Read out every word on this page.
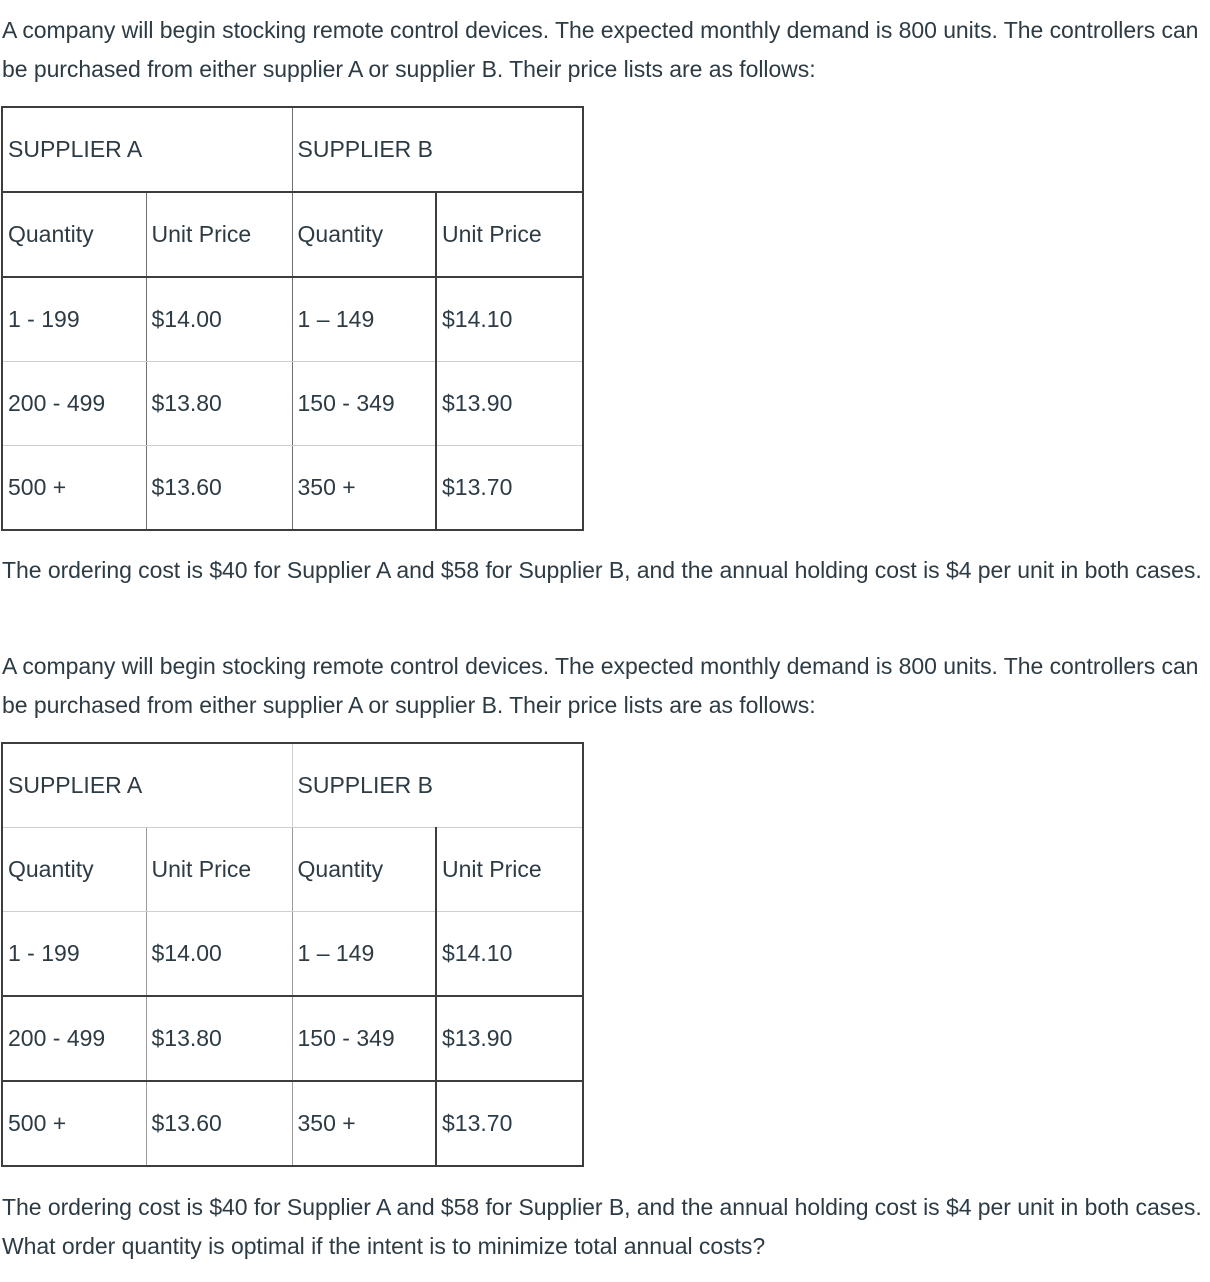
A company will begin stocking remote control devices. The expected monthly demand is 800 units. The controllers can be purchased from either supplier A or supplier B. Their price lists are as follows:

SUPPLIER A		SUPPLIER B	
Quantity	Unit Price	Quantity	Unit Price
1 - 199	$14.00	1 – 149	$14.10
200 - 499	$13.80	150 - 349	$13.90
500 +	$13.60	350 +	$13.70

The ordering cost is $40 for Supplier A and $58 for Supplier B, and the annual holding cost is $4 per unit in both cases.

A company will begin stocking remote control devices. The expected monthly demand is 800 units. The controllers can be purchased from either supplier A or supplier B. Their price lists are as follows:

SUPPLIER A		SUPPLIER B	
Quantity	Unit Price	Quantity	Unit Price
1 - 199	$14.00	1 – 149	$14.10
200 - 499	$13.80	150 - 349	$13.90
500 +	$13.60	350 +	$13.70

The ordering cost is $40 for Supplier A and $58 for Supplier B, and the annual holding cost is $4 per unit in both cases. What order quantity is optimal if the intent is to minimize total annual costs?
